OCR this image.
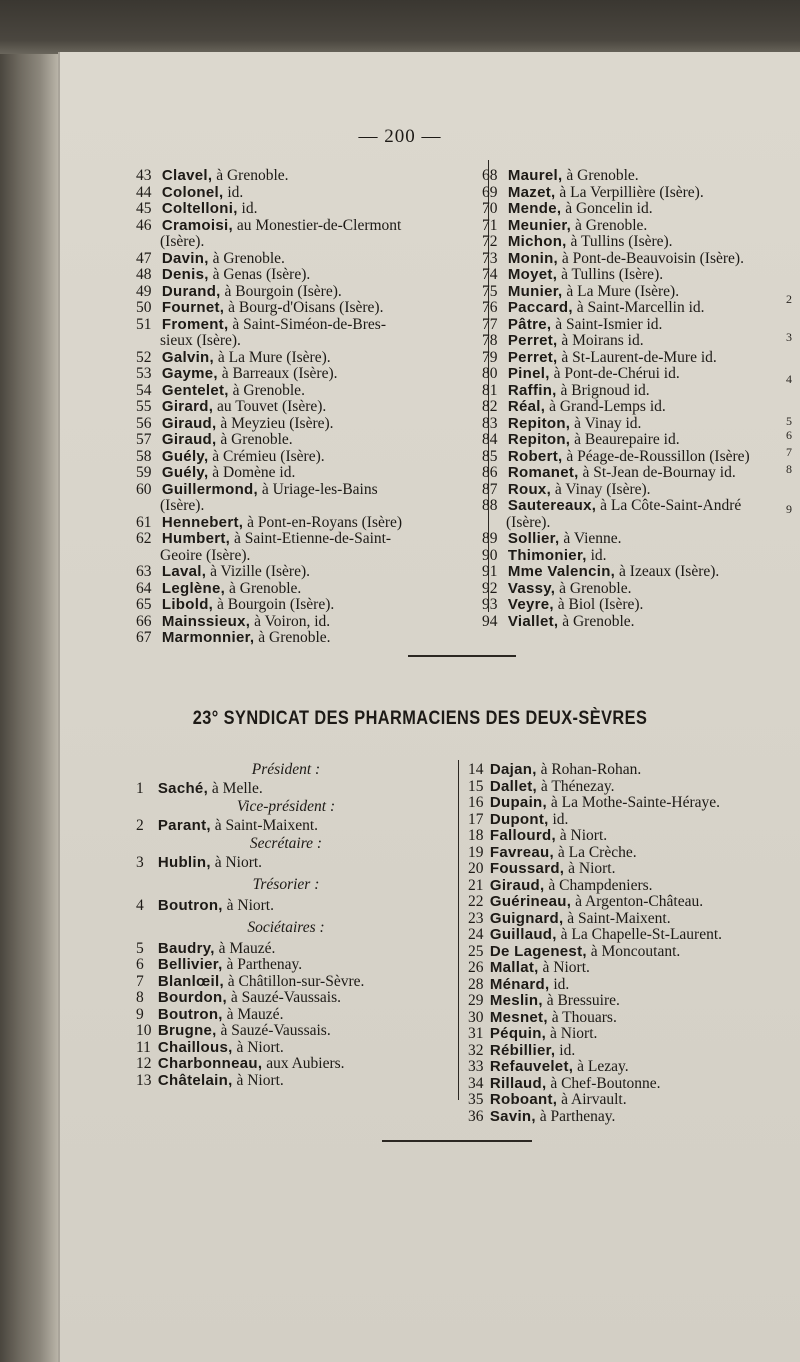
— 200 —
43 Clavel, à Grenoble.
44 Colonel, id.
45 Coltelloni, id.
46 Cramoisi, au Monestier-de-Clermont
(Isère).
47 Davin, à Grenoble.
48 Denis, à Genas (Isère).
49 Durand, à Bourgoin (Isère).
50 Fournet, à Bourg-d'Oisans (Isère).
51 Froment, à Saint-Siméon-de-Bres-
sieux (Isère).
52 Galvin, à La Mure (Isère).
53 Gayme, à Barreaux (Isère).
54 Gentelet, à Grenoble.
55 Girard, au Touvet (Isère).
56 Giraud, à Meyzieu (Isère).
57 Giraud, à Grenoble.
58 Guély, à Crémieu (Isère).
59 Guély, à Domène id.
60 Guillermond, à Uriage-les-Bains
(Isère).
61 Hennebert, à Pont-en-Royans (Isère)
62 Humbert, à Saint-Etienne-de-Saint-
Geoire (Isère).
63 Laval, à Vizille (Isère).
64 Leglène, à Grenoble.
65 Libold, à Bourgoin (Isère).
66 Mainssieux, à Voiron, id.
67 Marmonnier, à Grenoble.
68 Maurel, à Grenoble.
69 Mazet, à La Verpillière (Isère).
70 Mende, à Goncelin id.
71 Meunier, à Grenoble.
72 Michon, à Tullins (Isère).
73 Monin, à Pont-de-Beauvoisin (Isère).
74 Moyet, à Tullins (Isère).
75 Munier, à La Mure (Isère).
76 Paccard, à Saint-Marcellin id.
77 Pâtre, à Saint-Ismier id.
78 Perret, à Moirans id.
79 Perret, à St-Laurent-de-Mure id.
80 Pinel, à Pont-de-Chérui id.
81 Raffin, à Brignoud id.
82 Réal, à Grand-Lemps id.
83 Repiton, à Vinay id.
84 Repiton, à Beaurepaire id.
85 Robert, à Péage-de-Roussillon (Isère)
86 Romanet, à St-Jean de-Bournay id.
87 Roux, à Vinay (Isère).
88 Sautereaux, à La Côte-Saint-André
(Isère).
89 Sollier, à Vienne.
90 Thimonier, id.
91 Mme Valencin, à Izeaux (Isère).
92 Vassy, à Grenoble.
93 Veyre, à Biol (Isère).
94 Viallet, à Grenoble.
23° SYNDICAT DES PHARMACIENS DES DEUX-SÈVRES
Président :
1 Saché, à Melle.
Vice-président :
2 Parant, à Saint-Maixent.
Secrétaire :
3 Hublin, à Niort.
Trésorier :
4 Boutron, à Niort.
Sociétaires :
5 Baudry, à Mauzé.
6 Bellivier, à Parthenay.
7 Blanlœil, à Châtillon-sur-Sèvre.
8 Bourdon, à Sauzé-Vaussais.
9 Boutron, à Mauzé.
10 Brugne, à Sauzé-Vaussais.
11 Chaillous, à Niort.
12 Charbonneau, aux Aubiers.
13 Châtelain, à Niort.
14 Dajan, à Rohan-Rohan.
15 Dallet, à Thénezay.
16 Dupain, à La Mothe-Sainte-Héraye.
17 Dupont, id.
18 Fallourd, à Niort.
19 Favreau, à La Crèche.
20 Foussard, à Niort.
21 Giraud, à Champdeniers.
22 Guérineau, à Argenton-Château.
23 Guignard, à Saint-Maixent.
24 Guillaud, à La Chapelle-St-Laurent.
25 De Lagenest, à Moncoutant.
26 Mallat, à Niort.
28 Ménard, id.
29 Meslin, à Bressuire.
30 Mesnet, à Thouars.
31 Péquin, à Niort.
32 Rébillier, id.
33 Refauvelet, à Lezay.
34 Rillaud, à Chef-Boutonne.
35 Roboant, à Airvault.
36 Savin, à Parthenay.
2
3
4
5
6
7
8
9
